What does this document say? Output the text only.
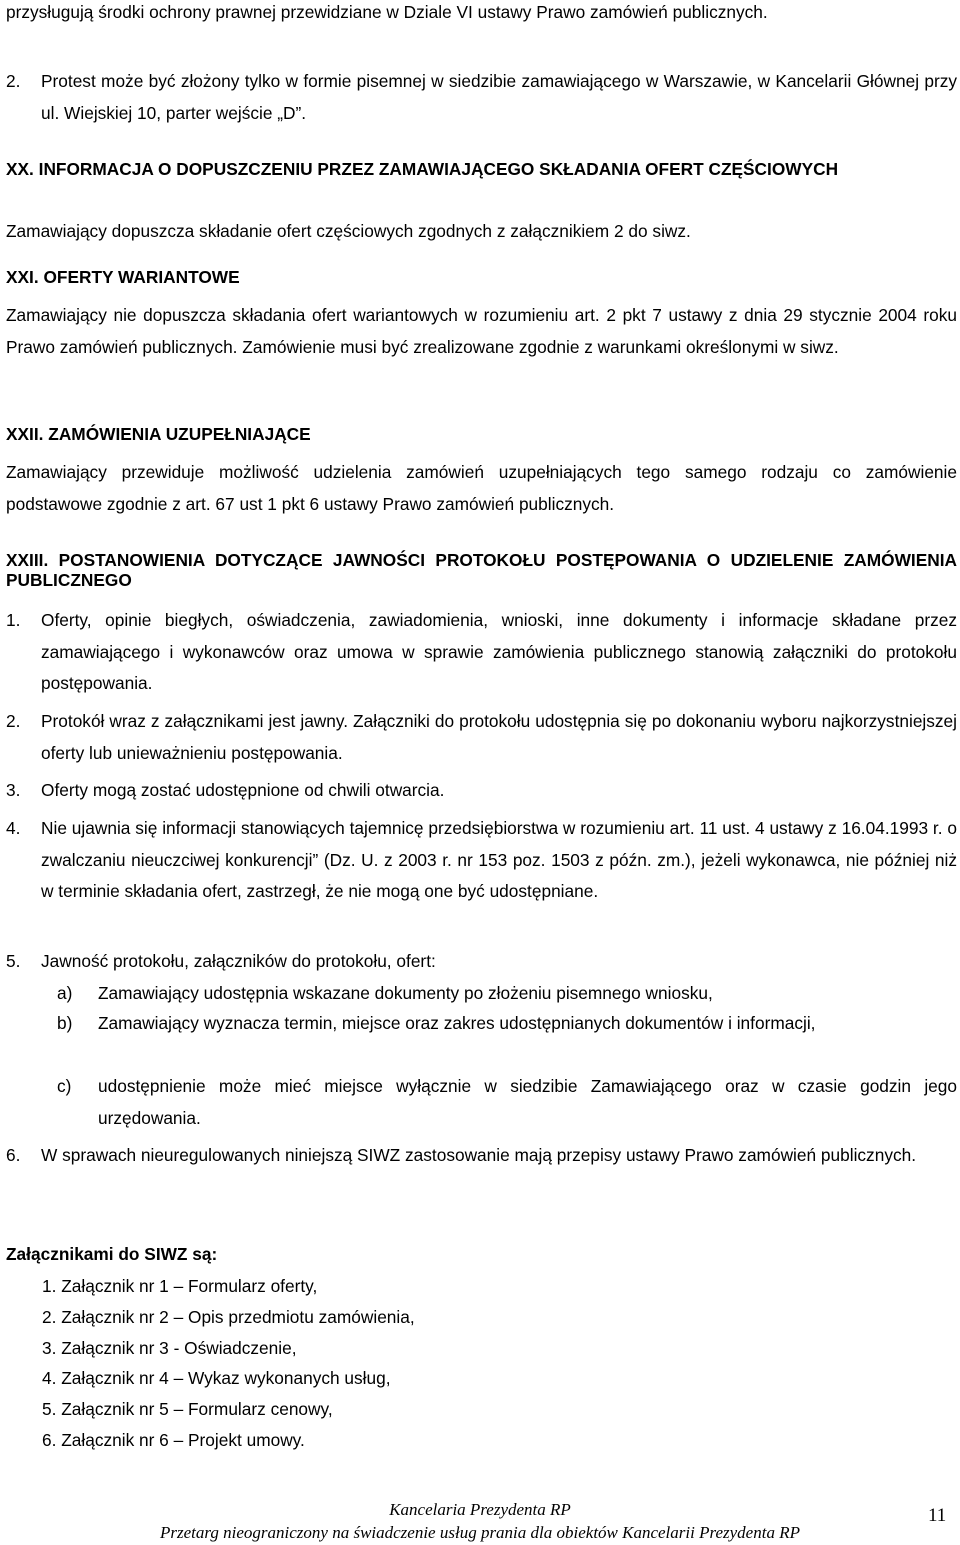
przysługują środki ochrony prawnej przewidziane w Dziale VI ustawy Prawo zamówień publicznych.

2. Protest może być złożony tylko w formie pisemnej w siedzibie zamawiającego w Warszawie, w Kancelarii Głównej przy ul. Wiejskiej 10, parter wejście „D”.

XX. INFORMACJA O DOPUSZCZENIU PRZEZ ZAMAWIAJĄCEGO SKŁADANIA OFERT CZĘŚCIOWYCH

Zamawiający dopuszcza składanie ofert częściowych zgodnych z załącznikiem 2 do siwz.

XXI. OFERTY WARIANTOWE

Zamawiający nie dopuszcza składania ofert wariantowych w rozumieniu art. 2 pkt 7 ustawy z dnia 29 stycznie 2004 roku Prawo zamówień publicznych. Zamówienie musi być zrealizowane zgodnie z warunkami określonymi w siwz.

XXII. ZAMÓWIENIA UZUPEŁNIAJĄCE

Zamawiający przewiduje możliwość udzielenia zamówień uzupełniających tego samego rodzaju co zamówienie podstawowe zgodnie z art. 67 ust 1 pkt 6 ustawy Prawo zamówień publicznych.

XXIII. POSTANOWIENIA DOTYCZĄCE JAWNOŚCI PROTOKOŁU POSTĘPOWANIA O UDZIELENIE ZAMÓWIENIA PUBLICZNEGO

1. Oferty, opinie biegłych, oświadczenia, zawiadomienia, wnioski, inne dokumenty i informacje składane przez zamawiającego i wykonawców oraz umowa w sprawie zamówienia publicznego stanowią załączniki do protokołu postępowania.
2. Protokół wraz z załącznikami jest jawny. Załączniki do protokołu udostępnia się po dokonaniu wyboru najkorzystniejszej oferty lub unieważnieniu postępowania.
3. Oferty mogą zostać udostępnione od chwili otwarcia.
4. Nie ujawnia się informacji stanowiących tajemnicę przedsiębiorstwa w rozumieniu art. 11 ust. 4 ustawy z 16.04.1993 r. o zwalczaniu nieuczciwej konkurencji” (Dz. U. z 2003 r. nr 153 poz. 1503 z późn. zm.), jeżeli wykonawca, nie później niż w terminie składania ofert, zastrzegł, że nie mogą one być udostępniane.
5. Jawność protokołu, załączników do protokołu, ofert:
a) Zamawiający udostępnia wskazane dokumenty po złożeniu pisemnego wniosku,
b) Zamawiający wyznacza termin, miejsce oraz zakres udostępnianych dokumentów i informacji,
c) udostępnienie może mieć miejsce wyłącznie w siedzibie Zamawiającego oraz w czasie godzin jego urzędowania.
6. W sprawach nieuregulowanych niniejszą SIWZ zastosowanie mają przepisy ustawy Prawo zamówień publicznych.
Załącznikami do SIWZ są:
1. Załącznik nr 1 – Formularz oferty,
2. Załącznik nr 2 – Opis przedmiotu zamówienia,
3. Załącznik nr 3 - Oświadczenie,
4. Załącznik nr 4 – Wykaz wykonanych usług,
5. Załącznik nr 5 – Formularz cenowy,
6. Załącznik nr 6 – Projekt umowy.
Kancelaria Prezydenta RP
Przetarg nieograniczony na świadczenie usług prania dla obiektów Kancelarii Prezydenta RP
11
